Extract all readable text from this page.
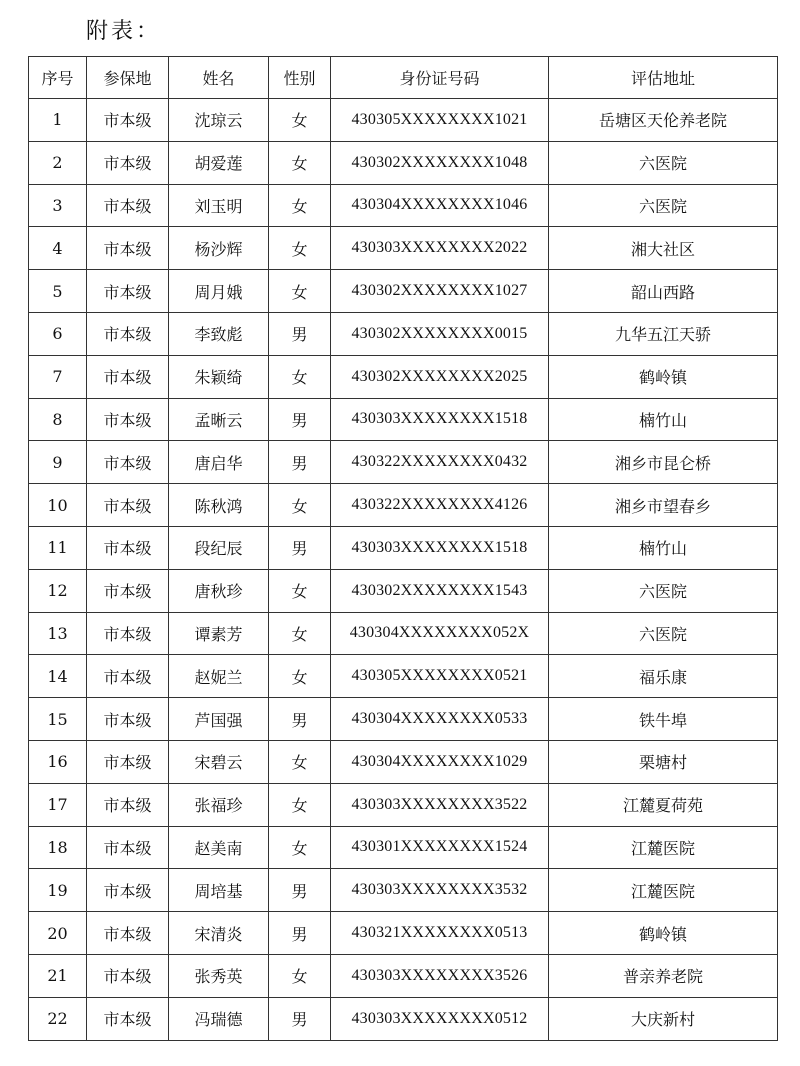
附表：
序号	参保地	姓名	性别	身份证号码	评估地址
1	市本级	沈琼云	女	430305XXXXXXXX1021	岳塘区天伦养老院
2	市本级	胡爱莲	女	430302XXXXXXXX1048	六医院
3	市本级	刘玉明	女	430304XXXXXXXX1046	六医院
4	市本级	杨沙辉	女	430303XXXXXXXX2022	湘大社区
5	市本级	周月娥	女	430302XXXXXXXX1027	韶山西路
6	市本级	李致彪	男	430302XXXXXXXX0015	九华五江天骄
7	市本级	朱颖绮	女	430302XXXXXXXX2025	鹤岭镇
8	市本级	孟晰云	男	430303XXXXXXXX1518	楠竹山
9	市本级	唐启华	男	430322XXXXXXXX0432	湘乡市昆仑桥
10	市本级	陈秋鸿	女	430322XXXXXXXX4126	湘乡市望春乡
11	市本级	段纪辰	男	430303XXXXXXXX1518	楠竹山
12	市本级	唐秋珍	女	430302XXXXXXXX1543	六医院
13	市本级	谭素芳	女	430304XXXXXXXX052X	六医院
14	市本级	赵妮兰	女	430305XXXXXXXX0521	福乐康
15	市本级	芦国强	男	430304XXXXXXXX0533	铁牛埠
16	市本级	宋碧云	女	430304XXXXXXXX1029	栗塘村
17	市本级	张福珍	女	430303XXXXXXXX3522	江麓夏荷苑
18	市本级	赵美南	女	430301XXXXXXXX1524	江麓医院
19	市本级	周培基	男	430303XXXXXXXX3532	江麓医院
20	市本级	宋清炎	男	430321XXXXXXXX0513	鹤岭镇
21	市本级	张秀英	女	430303XXXXXXXX3526	普亲养老院
22	市本级	冯瑞德	男	430303XXXXXXXX0512	大庆新村
